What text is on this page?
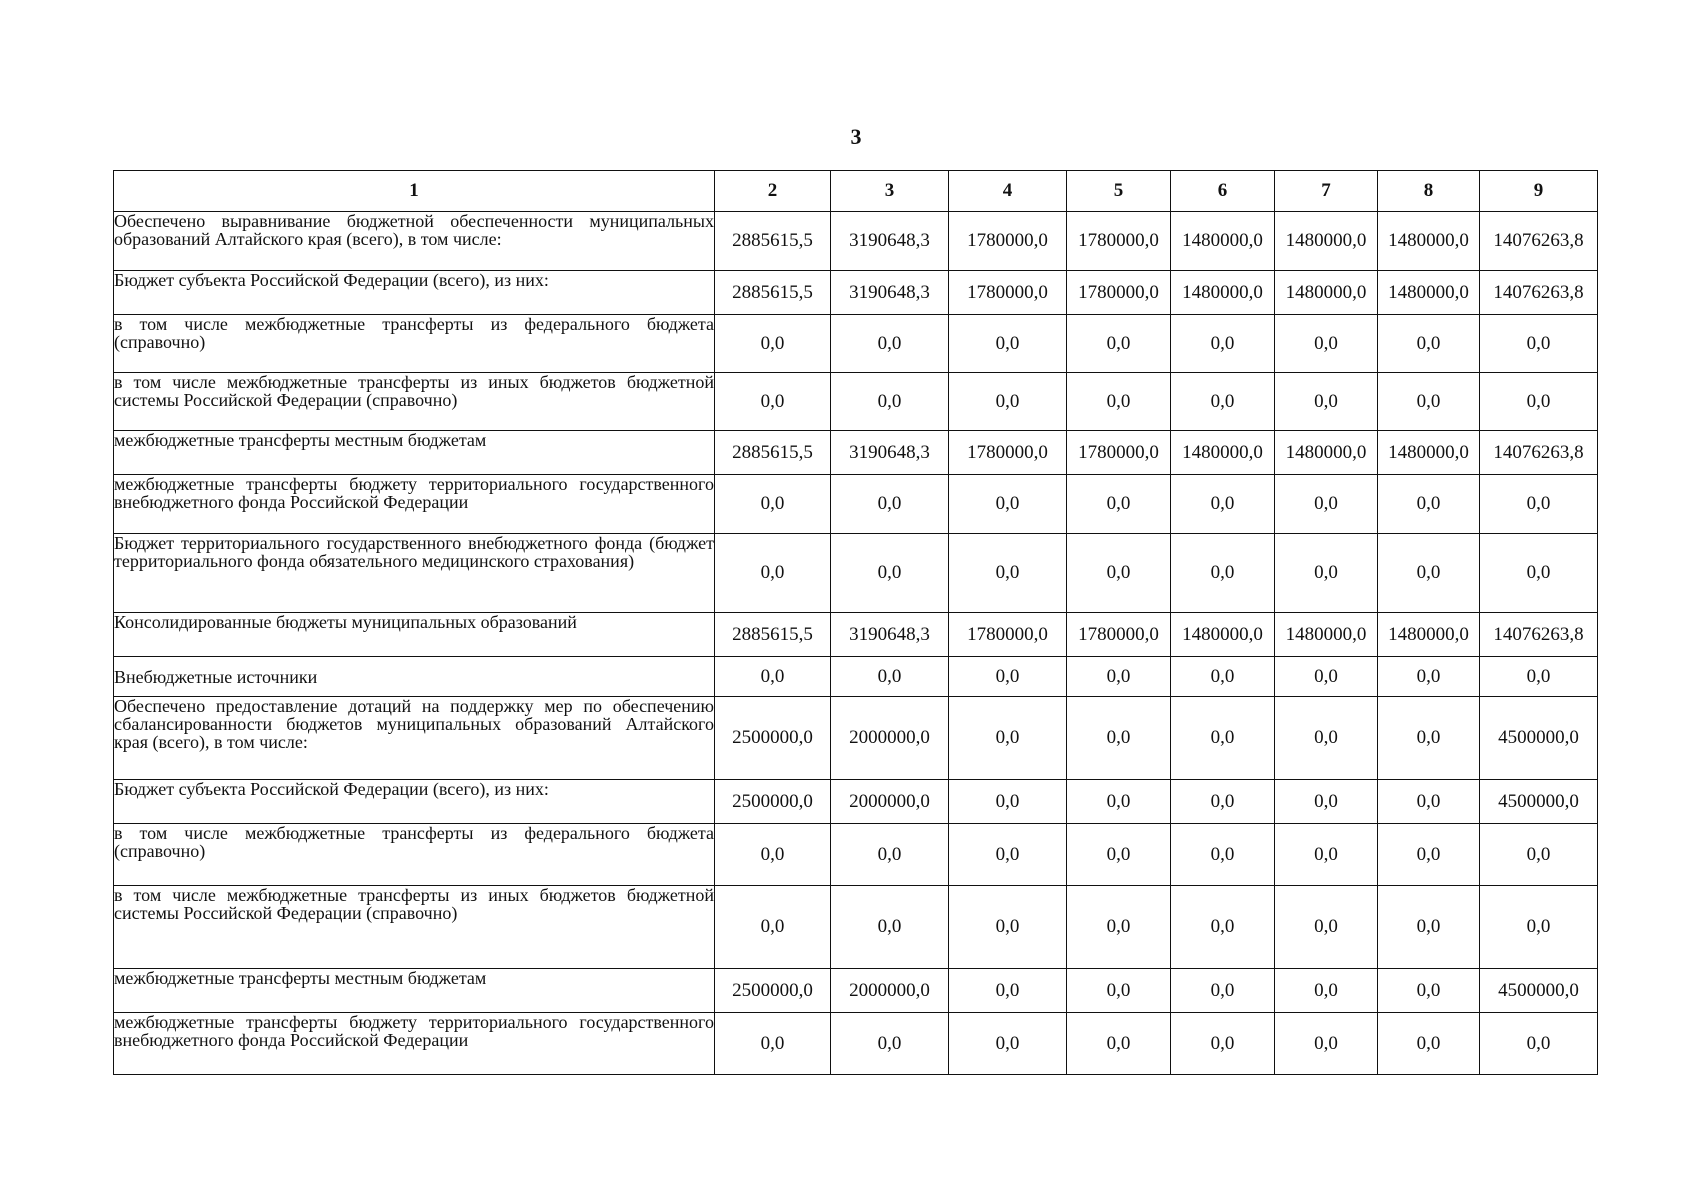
3
1	2	3	4	5	6	7	8	9
Обеспечено выравнивание бюджетной обеспеченности муниципальных образований Алтайского края (всего), в том числе:	2885615,5	3190648,3	1780000,0	1780000,0	1480000,0	1480000,0	1480000,0	14076263,8
Бюджет субъекта Российской Федерации (всего), из них:	2885615,5	3190648,3	1780000,0	1780000,0	1480000,0	1480000,0	1480000,0	14076263,8
в том числе межбюджетные трансферты из федерального бюджета (справочно)	0,0	0,0	0,0	0,0	0,0	0,0	0,0	0,0
в том числе межбюджетные трансферты из иных бюджетов бюджетной системы Российской Федерации (справочно)	0,0	0,0	0,0	0,0	0,0	0,0	0,0	0,0
межбюджетные трансферты местным бюджетам	2885615,5	3190648,3	1780000,0	1780000,0	1480000,0	1480000,0	1480000,0	14076263,8
межбюджетные трансферты бюджету территориального государственного внебюджетного фонда Российской Федерации	0,0	0,0	0,0	0,0	0,0	0,0	0,0	0,0
Бюджет территориального государственного внебюджетного фонда (бюджет территориального фонда обязательного медицинского страхования)	0,0	0,0	0,0	0,0	0,0	0,0	0,0	0,0
Консолидированные бюджеты муниципальных образований	2885615,5	3190648,3	1780000,0	1780000,0	1480000,0	1480000,0	1480000,0	14076263,8
Внебюджетные источники	0,0	0,0	0,0	0,0	0,0	0,0	0,0	0,0
Обеспечено предоставление дотаций на поддержку мер по обеспечению сбалансированности бюджетов муниципальных образований Алтайского края (всего), в том числе:	2500000,0	2000000,0	0,0	0,0	0,0	0,0	0,0	4500000,0
Бюджет субъекта Российской Федерации (всего), из них:	2500000,0	2000000,0	0,0	0,0	0,0	0,0	0,0	4500000,0
в том числе межбюджетные трансферты из федерального бюджета (справочно)	0,0	0,0	0,0	0,0	0,0	0,0	0,0	0,0
в том числе межбюджетные трансферты из иных бюджетов бюджетной системы Российской Федерации (справочно)	0,0	0,0	0,0	0,0	0,0	0,0	0,0	0,0
межбюджетные трансферты местным бюджетам	2500000,0	2000000,0	0,0	0,0	0,0	0,0	0,0	4500000,0
межбюджетные трансферты бюджету территориального государственного внебюджетного фонда Российской Федерации	0,0	0,0	0,0	0,0	0,0	0,0	0,0	0,0
